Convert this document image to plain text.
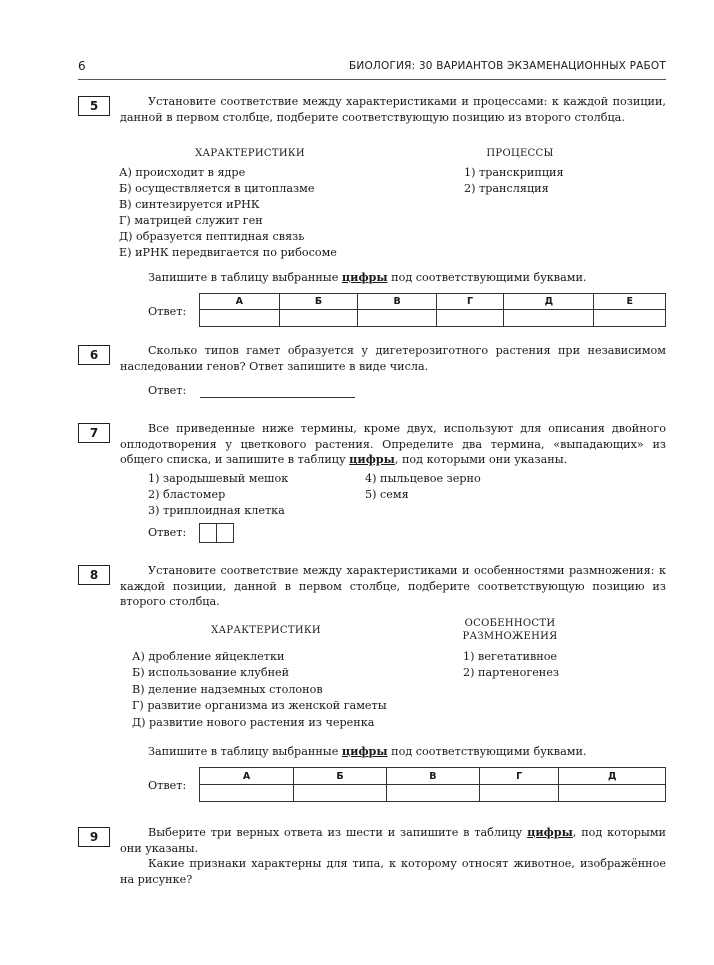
6	БИОЛОГИЯ: 30 ВАРИАНТОВ ЭКЗАМЕНАЦИОННЫХ РАБОТ
5	Установите соответствие между характеристиками и процессами: к каждой позиции, данной в первом столбце, подберите соответствующую позицию из второго столбца.
ХАРАКТЕРИСТИКИ	ПРОЦЕССЫ
А) происходит в ядре
Б) осуществляется в цитоплазме
В) синтезируется иРНК
Г) матрицей служит ген
Д) образуется пептидная связь
Е) иРНК передвигается по рибосоме
1) транскрипция
2) трансляция
Запишите в таблицу выбранные цифры под соответствующими буквами.
Ответ:
А	Б	В	Г	Д	Е

6	Сколько типов гамет образуется у дигетерозиготного растения при независимом наследовании генов? Ответ запишите в виде числа.
Ответ:
7	Все приведенные ниже термины, кроме двух, используют для описания двойного оплодотворения у цветкового растения. Определите два термина, «выпадающих» из общего списка, и запишите в таблицу цифры, под которыми они указаны.
1) зародышевый мешок
2) бластомер
3) триплоидная клетка
4) пыльцевое зерно
5) семя
Ответ:
8	Установите соответствие между характеристиками и особенностями размножения: к каждой позиции, данной в первом столбце, подберите соответствующую позицию из второго столбца.
ХАРАКТЕРИСТИКИ
ОСОБЕННОСТИ
РАЗМНОЖЕНИЯ
А) дробление яйцеклетки
Б) использование клубней
В) деление надземных столонов
Г) развитие организма из женской гаметы
Д) развитие нового растения из черенка
1) вегетативное
2) партеногенез
Запишите в таблицу выбранные цифры под соответствующими буквами.
Ответ:
А	Б	В	Г	Д

9	Выберите три верных ответа из шести и запишите в таблицу цифры, под которыми они указаны.
Какие признаки характерны для типа, к которому относят животное, изображённое на рисунке?
